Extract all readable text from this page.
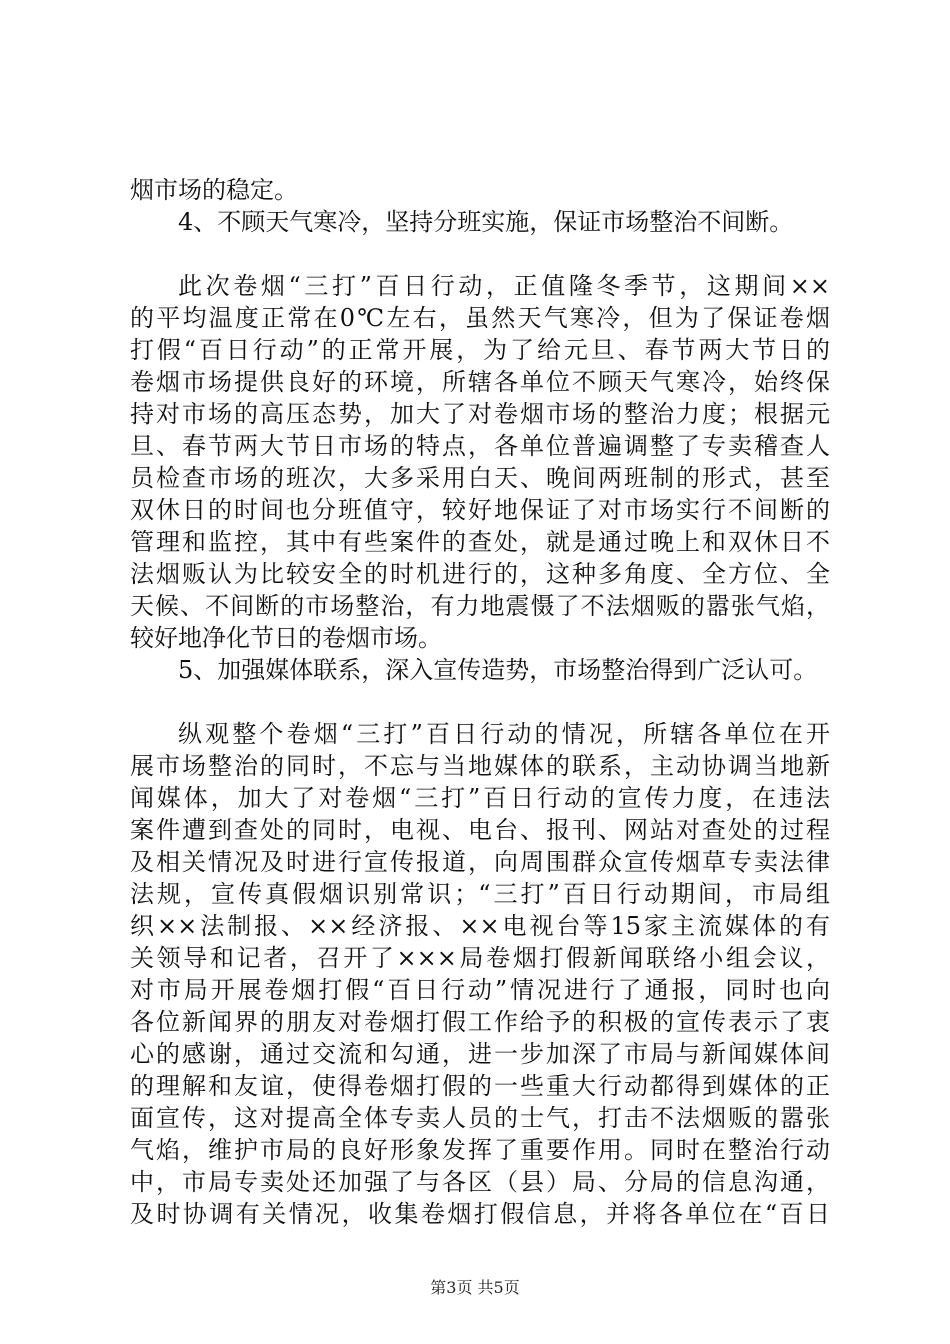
烟市场的稳定。
4、不顾天气寒冷，坚持分班实施，保证市场整治不间断。
此次卷烟“三打”百日行动，正值隆冬季节，这期间××
的平均温度正常在0℃左右，虽然天气寒冷，但为了保证卷烟
打假“百日行动”的正常开展，为了给元旦、春节两大节日的
卷烟市场提供良好的环境，所辖各单位不顾天气寒冷，始终保
持对市场的高压态势，加大了对卷烟市场的整治力度；根据元
旦、春节两大节日市场的特点，各单位普遍调整了专卖稽查人
员检查市场的班次，大多采用白天、晚间两班制的形式，甚至
双休日的时间也分班值守，较好地保证了对市场实行不间断的
管理和监控，其中有些案件的查处，就是通过晚上和双休日不
法烟贩认为比较安全的时机进行的，这种多角度、全方位、全
天候、不间断的市场整治，有力地震慑了不法烟贩的嚣张气焰，
较好地净化节日的卷烟市场。
5、加强媒体联系，深入宣传造势，市场整治得到广泛认可。
纵观整个卷烟“三打”百日行动的情况，所辖各单位在开
展市场整治的同时，不忘与当地媒体的联系，主动协调当地新
闻媒体，加大了对卷烟“三打”百日行动的宣传力度，在违法
案件遭到查处的同时，电视、电台、报刊、网站对查处的过程
及相关情况及时进行宣传报道，向周围群众宣传烟草专卖法律
法规，宣传真假烟识别常识；“三打”百日行动期间，市局组
织××法制报、××经济报、××电视台等15家主流媒体的有
关领导和记者，召开了×××局卷烟打假新闻联络小组会议，
对市局开展卷烟打假“百日行动”情况进行了通报，同时也向
各位新闻界的朋友对卷烟打假工作给予的积极的宣传表示了衷
心的感谢，通过交流和勾通，进一步加深了市局与新闻媒体间
的理解和友谊，使得卷烟打假的一些重大行动都得到媒体的正
面宣传，这对提高全体专卖人员的士气，打击不法烟贩的嚣张
气焰，维护市局的良好形象发挥了重要作用。同时在整治行动
中，市局专卖处还加强了与各区（县）局、分局的信息沟通，
及时协调有关情况，收集卷烟打假信息，并将各单位在“百日
第3页 共5页
